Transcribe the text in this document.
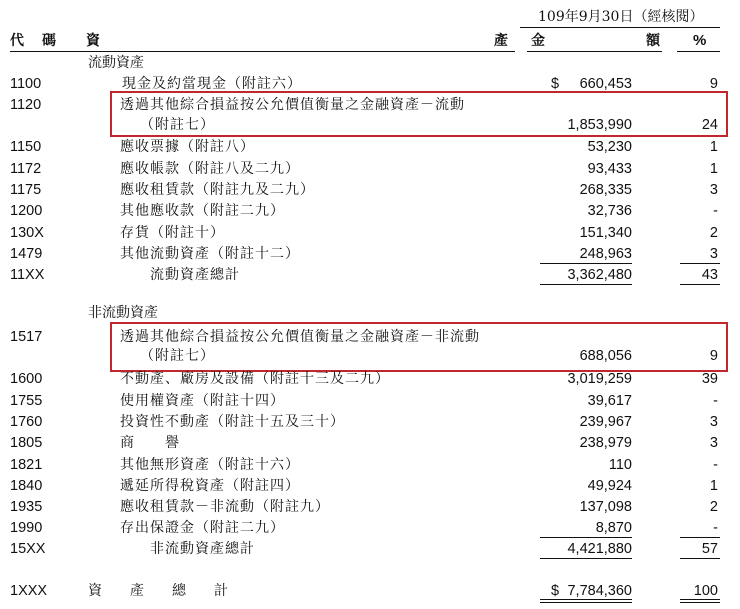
109年9月30日（經核閱）
代　碼 資	產 金	額 %
流動資產
非流動資產
1100	現金及約當現金（附註六）	$ 660,453	9
1120	透過其他綜合損益按公允價值衡量之金融資產－流動
（附註七）	1,853,990	24
1150	應收票據（附註八）	53,230	1
1172	應收帳款（附註八及二九）	93,433	1
1175	應收租賃款（附註九及二九）	268,335	3
1200	其他應收款（附註二九）	32,736	-
130X	存貨（附註十）	151,340	2
1479	其他流動資產（附註十二）	248,963	3
11XX	流動資產總計	3,362,480	43
1517	透過其他綜合損益按公允價值衡量之金融資產－非流動
（附註七）	688,056	9
1600	不動產、廠房及設備（附註十三及二九）	3,019,259	39
1755	使用權資產（附註十四）	39,617	-
1760	投資性不動產（附註十五及三十）	239,967	3
1805	商　　譽	238,979	3
1821	其他無形資產（附註十六）	110	-
1840	遞延所得稅資產（附註四）	49,924	1
1935	應收租賃款－非流動（附註九）	137,098	2
1990	存出保證金（附註二九）	8,870	-
15XX	非流動資產總計	4,421,880	57
1XXX	資　　產　　總　　計	$ 7,784,360	100
